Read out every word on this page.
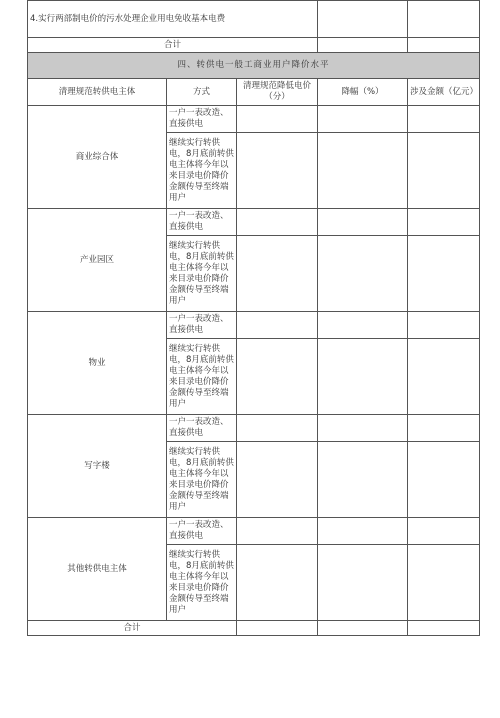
4.实行两部制电价的污水处理企业用电免收基本电费				
合计				
四、转供电一般工商业用户降价水平				
清理规范转供电主体	方式	清理规范降低电价（分）	降幅（%）	涉及金额（亿元）
商业综合体	一户一表改造、直接供电			
	继续实行转供电，8月底前转供电主体将今年以来目录电价降价金额传导至终端用户			
产业园区	一户一表改造、直接供电			
	继续实行转供电，8月底前转供电主体将今年以来目录电价降价金额传导至终端用户			
物业	一户一表改造、直接供电			
	继续实行转供电，8月底前转供电主体将今年以来目录电价降价金额传导至终端用户			
写字楼	一户一表改造、直接供电			
	继续实行转供电，8月底前转供电主体将今年以来目录电价降价金额传导至终端用户			
其他转供电主体	一户一表改造、直接供电			
	继续实行转供电，8月底前转供电主体将今年以来目录电价降价金额传导至终端用户			
合计				
